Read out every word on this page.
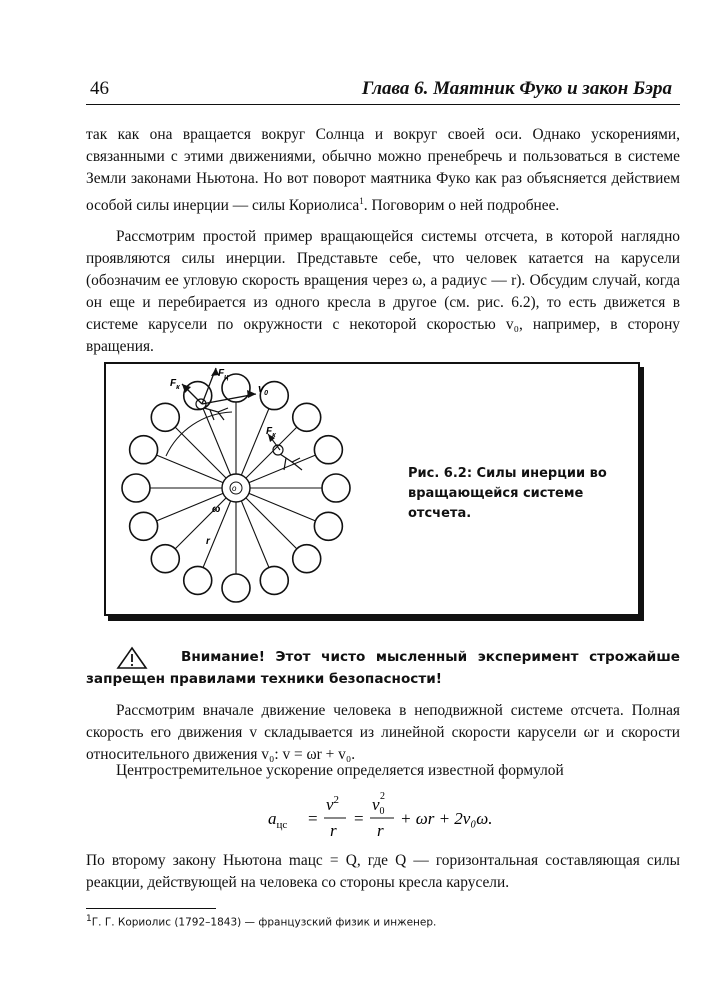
46	Глава 6. Маятник Фуко и закон Бэра

так как она вращается вокруг Солнца и вокруг своей оси. Однако ускорениями, связанными с этими движениями, обычно можно пренебречь и пользоваться в системе Земли законами Ньютона. Но вот поворот маятника Фуко как раз объясняется действием особой силы инерции — силы Кориолиса$^1$. Поговорим о ней подробнее.

Рассмотрим простой пример вращающейся системы отсчета, в которой наглядно проявляются силы инерции. Представьте себе, что человек катается на карусели (обозначим ее угловую скорость вращения через ω, а радиус — r). Обсудим случай, когда он еще и перебирается из одного кресла в другое (см. рис. 6.2), то есть движется в системе карусели по окружности с некоторой скоростью v₀, например, в сторону вращения.

$F_ц$
$F_к$	$v_0$
$F_к$
ω
r
o

Рис. 6.2: Силы инерции во вращающейся системе отсчета.

Внимание! Этот чисто мысленный эксперимент строжайше запрещен правилами техники безопасности!

Рассмотрим вначале движение человека в неподвижной системе отсчета. Полная скорость его движения v складывается из линейной скорости карусели ωr и скорости относительного движения v₀: v = ωr + v₀.

Центростремительное ускорение определяется известной формулой

$a_{цс}$ =
$v^2$
r
=
$v_0$
2
r
+ ωr + 2v₀ω.

По второму закону Ньютона maцс = Q, где Q — горизонтальная составляющая силы реакции, действующей на человека со стороны кресла карусели.

$^1$Г. Г. Кориолис (1792–1843) — французский физик и инженер.
